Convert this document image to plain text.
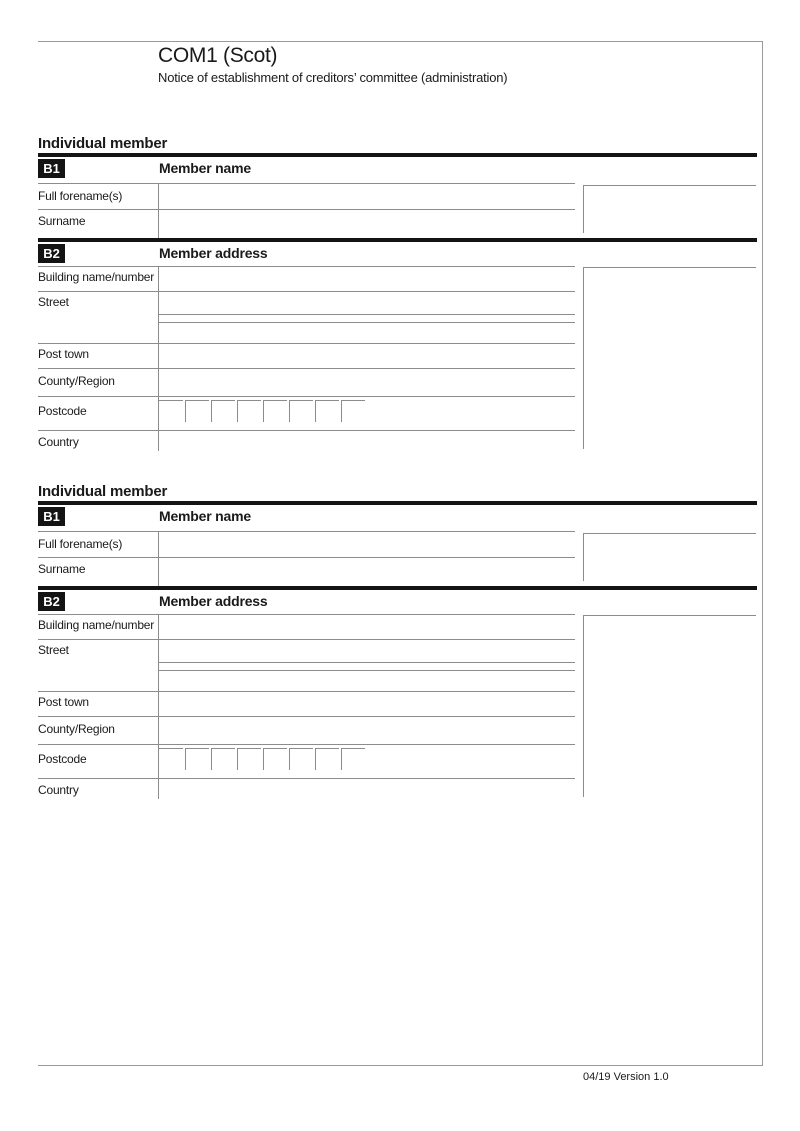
COM1 (Scot)
Notice of establishment of creditors’ committee (administration)
Individual member
B1	Member name
Full forename(s)
Surname
B2	Member address
Building name/number
Street
Post town
County/Region
Postcode
Country
Individual member
B1	Member name
Full forename(s)
Surname
B2	Member address
Building name/number
Street
Post town
County/Region
Postcode
Country
04/19 Version 1.0
